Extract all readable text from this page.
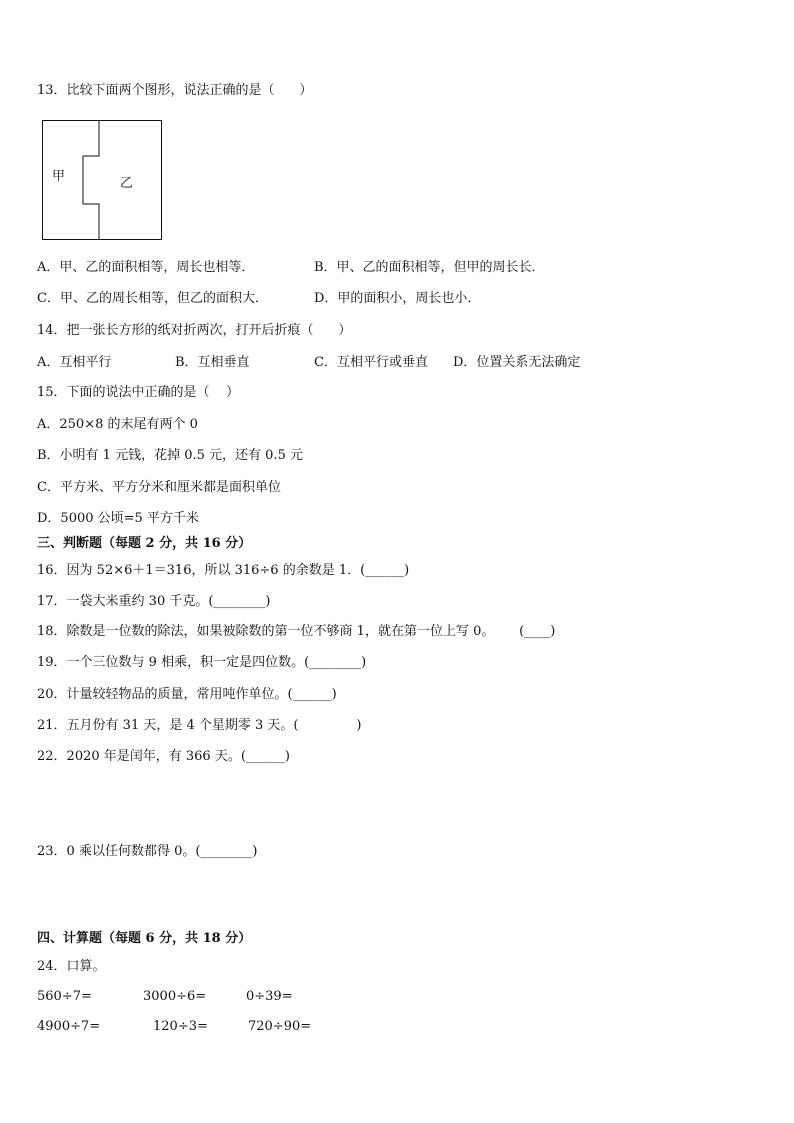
13．比较下面两个图形，说法正确的是（      ）
甲	乙
A．甲、乙的面积相等，周长也相等．	B．甲、乙的面积相等，但甲的周长长．
C．甲、乙的周长相等，但乙的面积大．	D．甲的面积小，周长也小．
14．把一张长方形的纸对折两次，打开后折痕（      ）
A．互相平行	B．互相垂直	C．互相平行或垂直 D．位置关系无法确定
15．下面的说法中正确的是（    ）
A．250×8 的末尾有两个 0
B．小明有 1 元钱，花掉 0.5 元，还有 0.5 元
C．平方米、平方分米和厘米都是面积单位
D．5000 公顷=5 平方千米
三、判断题（每题 2 分，共 16 分）
16．因为 52×6＋1＝316，所以 316÷6 的余数是 1．(______)
17．一袋大米重约 30 千克。(________)
18．除数是一位数的除法，如果被除数的第一位不够商 1，就在第一位上写 0。      (____)
19．一个三位数与 9 相乘，积一定是四位数。(________)
20．计量较轻物品的质量，常用吨作单位。(______)
21．五月份有 31 天，是 4 个星期零 3 天。(              )
22．2020 年是闰年，有 366 天。(______)
23．0 乘以任何数都得 0。(________)
四、计算题（每题 6 分，共 18 分）
24．口算。
560÷7=	3000÷6=	0÷39=
4900÷7=	120÷3=	720÷90=
